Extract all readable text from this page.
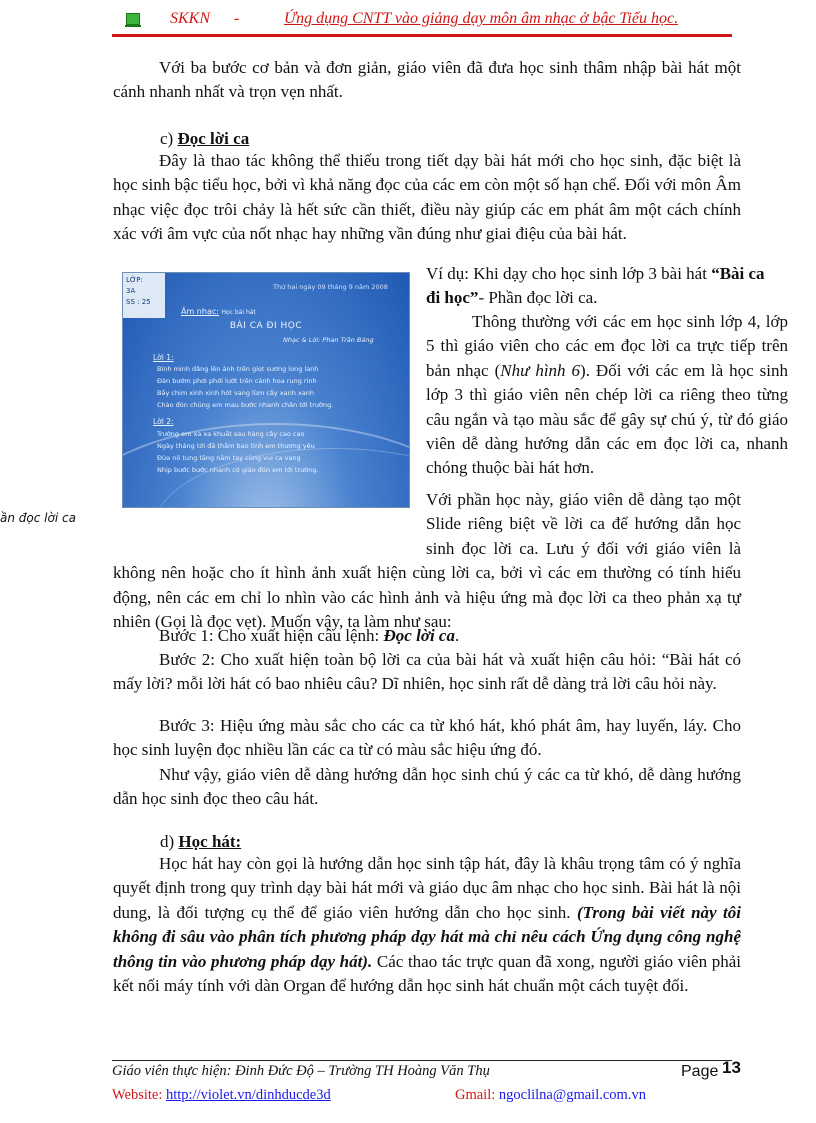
SKKN -	Ứng dụng CNTT vào giảng dạy môn âm nhạc ở bậc Tiểu học.
Với ba bước cơ bản và đơn giản, giáo viên đã đưa học sinh thâm nhập bài hát một cánh nhanh nhất và trọn vẹn nhất.
c) Đọc lời ca
Đây là thao tác không thể thiếu trong tiết dạy bài hát mới cho học sinh, đặc biệt là học sinh bậc tiểu học, bởi vì khả năng đọc của các em còn một số hạn chế. Đối với môn Âm nhạc việc đọc trôi chảy là hết sức cần thiết, điều này giúp các em phát âm một cách chính xác với âm vực của nốt nhạc hay những vần đúng như giai điệu của bài hát.
LỚP:
3A
SS : 25
Thứ hai ngày 09 tháng 9 năm 2008
Âm nhạc: Học bài hát
BÀI CA ĐI HỌC
Nhạc & Lời: Phan Trần Bảng
Lời 1:
Bình minh dâng lên ánh trên giọt sương long lanh
Đàn bướm phơi phới lướt trên cánh hoa rung rinh
Bầy chim xinh xinh hót vang lùm cây xanh xanh
Chào đón chúng em mau bước nhanh chân tới trường.
Lời 2:
Trường em xa xa khuất sau hàng cây cao cao
Ngày tháng tới đã thắm bao tình em thương yêu
Đùa nô tung tăng nắm tay cùng vui ca vang
Nhịp bước bước nhanh có giáo đón em tới trường.
ần đọc lời ca
Ví dụ: Khi dạy cho học sinh lớp 3 bài hát “Bài ca đi học”- Phần đọc lời ca.
Thông thường với các em học sinh lớp 4, lớp 5 thì giáo viên cho các em đọc lời ca trực tiếp trên bản nhạc (Như hình 6). Đối với các em là học sinh lớp 3 thì giáo viên nên chép lời ca riêng theo từng câu ngắn và tạo màu sắc để gây sự chú ý, từ đó giáo viên dễ dàng hướng dẫn các em đọc lời ca, nhanh chóng thuộc bài hát hơn.
Với phần học này, giáo viên dễ dàng tạo một Slide riêng biệt về lời ca để hướng dẫn học sinh đọc lời ca. Lưu ý đối với giáo viên là không nên hoặc cho ít hình ảnh xuất hiện cùng lời ca, bởi vì các em thường có tính hiếu động, nên các em chỉ lo nhìn vào các hình ảnh và hiệu ứng mà đọc lời ca theo phản xạ tự nhiên (Gọi là đọc vẹt). Muốn vậy, ta làm như sau:
Bước 1: Cho xuất hiện câu lệnh: Đọc lời ca.
Bước 2: Cho xuất hiện toàn bộ lời ca của bài hát và xuất hiện câu hỏi: “Bài hát có mấy lời? mỗi lời hát có bao nhiêu câu? Dĩ nhiên, học sinh rất dễ dàng trả lời câu hỏi này.
Bước 3: Hiệu ứng màu sắc cho các ca từ khó hát, khó phát âm, hay luyến, láy. Cho học sinh luyện đọc nhiều lần các ca từ có màu sắc hiệu ứng đó.
Như vậy, giáo viên dễ dàng hướng dẫn học sinh chú ý các ca từ khó, dễ dàng hướng dẫn học sinh đọc theo câu hát.
d) Học hát:
Học hát hay còn gọi là hướng dẫn học sinh tập hát, đây là khâu trọng tâm có ý nghĩa quyết định trong quy trình dạy bài hát mới và giáo dục âm nhạc cho học sinh. Bài hát là nội dung, là đối tượng cụ thể để giáo viên hướng dẫn cho học sinh. (Trong bài viết này tôi không đi sâu vào phân tích phương pháp dạy hát mà chỉ nêu cách Ứng dụng công nghệ thông tin vào phương pháp dạy hát). Các thao tác trực quan đã xong, người giáo viên phải kết nối máy tính với dàn Organ để hướng dẫn học sinh hát chuẩn một cách tuyệt đối.
Giáo viên thực hiện: Đinh Đức Độ – Trường TH Hoàng Văn Thụ	Page 13
Website: http://violet.vn/dinhducde3d	Gmail: ngoclilna@gmail.com.vn
